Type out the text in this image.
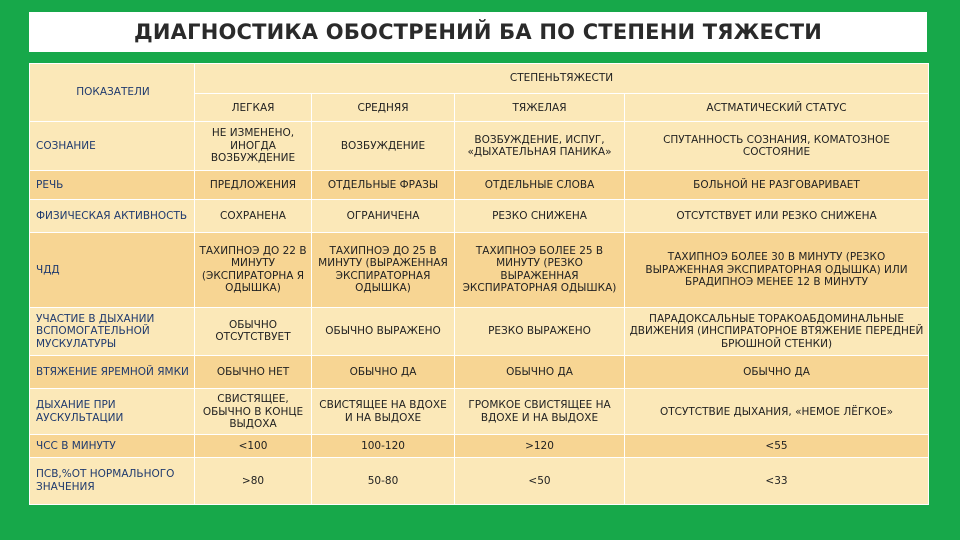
ДИАГНОСТИКА ОБОСТРЕНИЙ БА ПО СТЕПЕНИ ТЯЖЕСТИ
ПОКАЗАТЕЛИ	СТЕПЕНЬТЯЖЕСТИ			
	ЛЕГКАЯ	СРЕДНЯЯ	ТЯЖЕЛАЯ	АСТМАТИЧЕСКИЙ СТАТУС
СОЗНАНИЕ	НЕ ИЗМЕНЕНО, ИНОГДА ВОЗБУЖДЕНИЕ	ВОЗБУЖДЕНИЕ	ВОЗБУЖДЕНИЕ, ИСПУГ, «ДЫХАТЕЛЬНАЯ ПАНИКА»	СПУТАННОСТЬ СОЗНАНИЯ, КОМАТОЗНОЕ СОСТОЯНИЕ
РЕЧЬ	ПРЕДЛОЖЕНИЯ	ОТДЕЛЬНЫЕ ФРАЗЫ	ОТДЕЛЬНЫЕ СЛОВА	БОЛЬНОЙ НЕ РАЗГОВАРИВАЕТ
ФИЗИЧЕСКАЯ АКТИВНОСТЬ	СОХРАНЕНА	ОГРАНИЧЕНА	РЕЗКО СНИЖЕНА	ОТСУТСТВУЕТ ИЛИ РЕЗКО СНИЖЕНА
ЧДД	ТАХИПНОЭ ДО 22 В МИНУТУ (ЭКСПИРАТОРНА Я ОДЫШКА)	ТАХИПНОЭ ДО 25 В МИНУТУ (ВЫРАЖЕННАЯ ЭКСПИРАТОРНАЯ ОДЫШКА)	ТАХИПНОЭ БОЛЕЕ 25 В МИНУТУ (РЕЗКО ВЫРАЖЕННАЯ ЭКСПИРАТОРНАЯ ОДЫШКА)	ТАХИПНОЭ БОЛЕЕ 30 В МИНУТУ (РЕЗКО ВЫРАЖЕННАЯ ЭКСПИРАТОРНАЯ ОДЫШКА) ИЛИ БРАДИПНОЭ МЕНЕЕ 12 В МИНУТУ
УЧАСТИЕ В ДЫХАНИИ ВСПОМОГАТЕЛЬНОЙ МУСКУЛАТУРЫ	ОБЫЧНО ОТСУТСТВУЕТ	ОБЫЧНО ВЫРАЖЕНО	РЕЗКО ВЫРАЖЕНО	ПАРАДОКСАЛЬНЫЕ ТОРАКОАБДОМИНАЛЬНЫЕ ДВИЖЕНИЯ (ИНСПИРАТОРНОЕ ВТЯЖЕНИЕ ПЕРЕДНЕЙ БРЮШНОЙ СТЕНКИ)
ВТЯЖЕНИЕ ЯРЕМНОЙ ЯМКИ	ОБЫЧНО НЕТ	ОБЫЧНО ДА	ОБЫЧНО ДА	ОБЫЧНО ДА
ДЫХАНИЕ ПРИ АУСКУЛЬТАЦИИ	СВИСТЯЩЕЕ, ОБЫЧНО В КОНЦЕ ВЫДОХА	СВИСТЯЩЕЕ НА ВДОХЕ И НА ВЫДОХЕ	ГРОМКОЕ СВИСТЯЩЕЕ НА ВДОХЕ И НА ВЫДОХЕ	ОТСУТСТВИЕ ДЫХАНИЯ, «НЕМОЕ ЛЁГКОЕ»
ЧСС В МИНУТУ	<100	100-120	>120	<55
ПСВ,%ОТ НОРМАЛЬНОГО ЗНАЧЕНИЯ	>80	50-80	<50	<33
